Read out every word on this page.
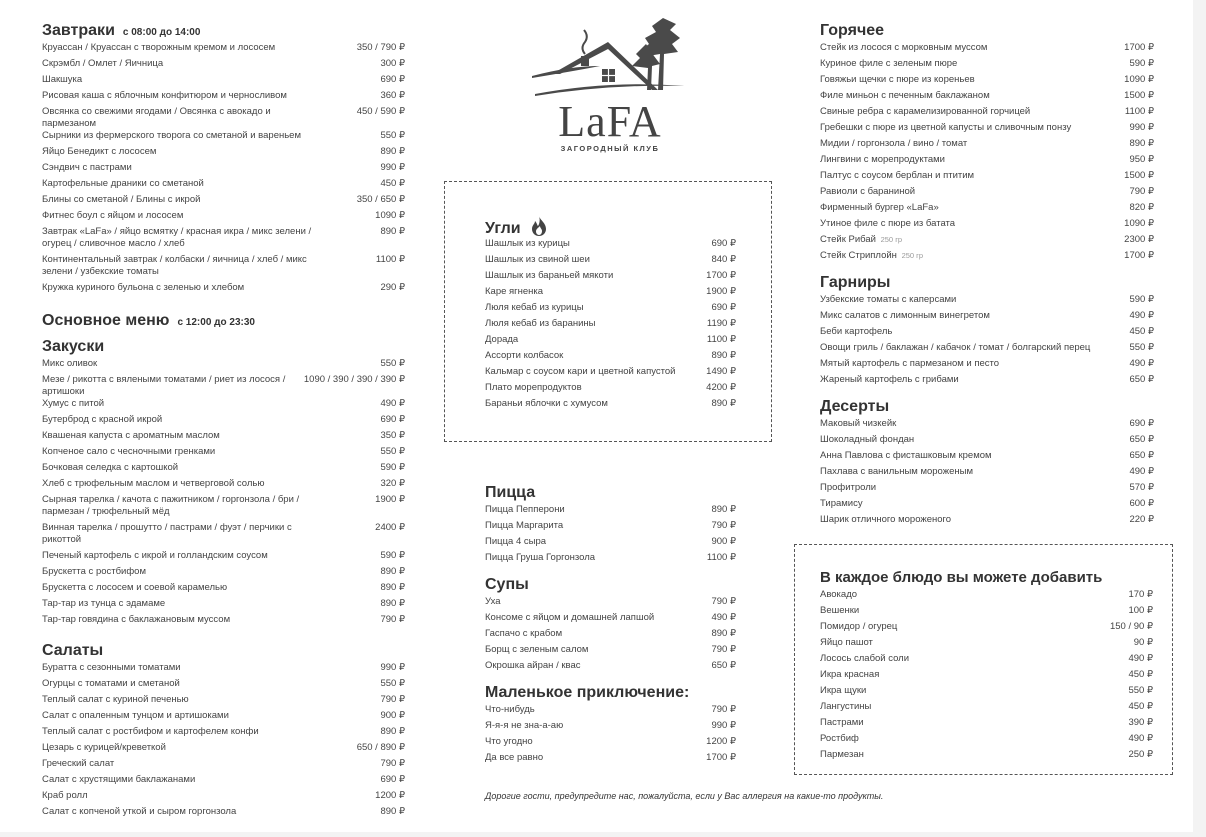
Завтраки с 08:00 до 14:00
Круассан / Круассан с творожным кремом и лососем	350 / 790 ₽
Скрэмбл / Омлет / Яичница	300 ₽
Шакшука	690 ₽
Рисовая каша с яблочным конфитюром и черносливом	360 ₽
Овсянка со свежими ягодами / Овсянка с авокадо и пармезаном
450 / 590 ₽
Сырники из фермерского творога со сметаной и вареньем	550 ₽
Яйцо Бенедикт с лососем	890 ₽
Сэндвич с пастрами	990 ₽
Картофельные драники со сметаной	450 ₽
Блины со сметаной / Блины с икрой	350 / 650 ₽
Фитнес боул с яйцом и лососем	1090 ₽
Завтрак «LaFa» / яйцо всмятку / красная икра / микс зелени / огурец / сливочное масло / хлеб
890 ₽
Континентальный завтрак / колбаски / яичница / хлеб / микс зелени / узбекские томаты
1100 ₽
Кружка куриного бульона с зеленью и хлебом	290 ₽
Основное меню с 12:00 до 23:30
Закуски
Микс оливок	550 ₽
Мезе / рикотта с вялеными томатами / риет из лосося / артишоки
1090 / 390 / 390 / 390 ₽
Хумус с питой	490 ₽
Бутерброд с красной икрой	690 ₽
Квашеная капуста с ароматным маслом	350 ₽
Копченое сало с чесночными гренками	550 ₽
Бочковая селедка с картошкой	590 ₽
Хлеб с трюфельным маслом и четверговой солью	320 ₽
Сырная тарелка / качота с пажитником / горгонзола / бри / пармезан / трюфельный мёд
1900 ₽
Винная тарелка / прошутто / пастрами / фуэт / перчики с рикоттой
2400 ₽
Печеный картофель с икрой и голландским соусом	590 ₽
Брускетта с ростбифом	890 ₽
Брускетта с лососем и соевой карамелью	890 ₽
Тар-тар из тунца с эдамаме	890 ₽
Тар-тар говядина с баклажановым муссом	790 ₽
Салаты
Буратта с сезонными томатами	990 ₽
Огурцы с томатами и сметаной	550 ₽
Теплый салат с куриной печенью	790 ₽
Салат с опаленным тунцом и артишоками	900 ₽
Теплый салат с ростбифом и картофелем конфи	890 ₽
Цезарь с курицей/креветкой	650 / 890 ₽
Греческий салат	790 ₽
Салат с хрустящими баклажанами	690 ₽
Краб ролл	1200 ₽
Салат с копченой уткой и сыром горгонзола	890 ₽
LaFA
ЗАГОРОДНЫЙ КЛУБ
Угли
Шашлык из курицы	690 ₽
Шашлык из свиной шеи	840 ₽
Шашлык из бараньей мякоти	1700 ₽
Каре ягненка	1900 ₽
Люля кебаб из курицы	690 ₽
Люля кебаб из баранины	1190 ₽
Дорада	1100 ₽
Ассорти колбасок	890 ₽
Кальмар с соусом кари и цветной капустой	1490 ₽
Плато морепродуктов	4200 ₽
Бараньи яблочки с хумусом	890 ₽
Пицца
Пицца Пепперони	890 ₽
Пицца Маргарита	790 ₽
Пицца 4 сыра	900 ₽
Пицца Груша Горгонзола	1100 ₽
Супы
Уха	790 ₽
Консоме с яйцом и домашней лапшой	490 ₽
Гаспачо с крабом	890 ₽
Борщ с зеленым салом	790 ₽
Окрошка айран / квас	650 ₽
Маленькое приключение:
Что-нибудь	790 ₽
Я-я-я не зна-а-аю	990 ₽
Что угодно	1200 ₽
Да все равно	1700 ₽
Дорогие гости, предупредите нас, пожалуйста, если у Вас аллергия на какие-то продукты.
Горячее
Стейк из лосося с морковным муссом	1700 ₽
Куриное филе с зеленым пюре	590 ₽
Говяжьи щечки с пюре из кореньев	1090 ₽
Филе миньон с печенным баклажаном	1500 ₽
Свиные ребра с карамелизированной горчицей	1100 ₽
Гребешки с пюре из цветной капусты и сливочным понзу	990 ₽
Мидии / горгонзола / вино / томат	890 ₽
Лингвини с морепродуктами	950 ₽
Палтус с соусом берблан и птитим	1500 ₽
Равиоли с бараниной	790 ₽
Фирменный бургер «LaFa»	820 ₽
Утиное филе с пюре из батата	1090 ₽
Стейк Рибай 250 гр	2300 ₽
Стейк Стриплойн 250 гр	1700 ₽
Гарниры
Узбекские томаты с каперсами	590 ₽
Микс салатов с лимонным винегретом	490 ₽
Беби картофель	450 ₽
Овощи гриль / баклажан / кабачок / томат / болгарский перец	550 ₽
Мятый картофель с пармезаном и песто	490 ₽
Жареный картофель с грибами	650 ₽
Десерты
Маковый чизкейк	690 ₽
Шоколадный фондан	650 ₽
Анна Павлова с фисташковым кремом	650 ₽
Пахлава с ванильным мороженым	490 ₽
Профитроли	570 ₽
Тирамису	600 ₽
Шарик отличного мороженого	220 ₽
В каждое блюдо вы можете добавить
Авокадо	170 ₽
Вешенки	100 ₽
Помидор / огурец	150 / 90 ₽
Яйцо пашот	90 ₽
Лосось слабой соли	490 ₽
Икра красная	450 ₽
Икра щуки	550 ₽
Лангустины	450 ₽
Пастрами	390 ₽
Ростбиф	490 ₽
Пармезан	250 ₽
